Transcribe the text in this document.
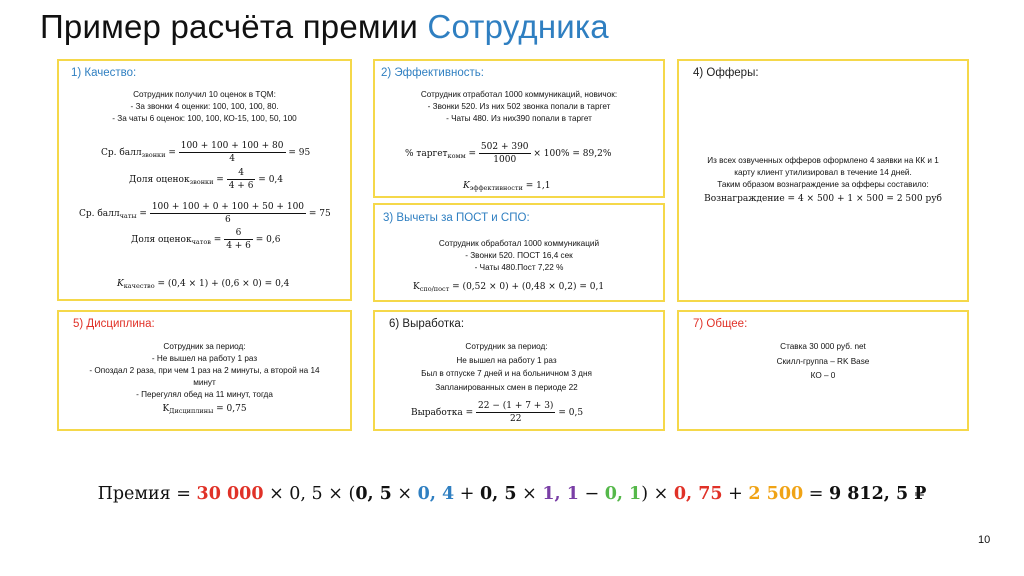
Пример расчёта премии Сотрудника
1) Качество:
Сотрудник получил 10 оценок в TQM:
- За звонки 4 оценки: 100, 100, 100, 80.
- За чаты 6 оценок: 100, 100, КО-15, 100, 50, 100
Ср. балл$_{звонки}$ = $\frac{100 + 100 + 100 + 80}{4} = 95$
Доля оценок$_{звонки}$ = $\frac{4}{4 + 6} = 0,4$
Ср. балл$_{чаты}$ = $\frac{100 + 100 + 0 + 100 + 50 + 100}{6} = 75$
Доля оценок$_{чатов}$ = $\frac{6}{4 + 6} = 0,6$
$K_{качество} = (0,4 \times 1) + (0,6 \times 0) = 0,4$
2) Эффективность:
Сотрудник отработал 1000 коммуникаций, новичок:
- Звонки 520. Из них 502 звонка попали в таргет
- Чаты 480. Из них390 попали в таргет
% таргет$_{комм}$ = $\frac{502 + 390}{1000} \times 100\% = 89,2\%$
$K_{эффективности} = 1,1$
3) Вычеты за ПОСТ и СПО:
Сотрудник обработал 1000 коммуникаций
- Звонки 520. ПОСТ 16,4 сек
- Чаты 480.Пост 7,22 %
$K_{спо/пост} = (0,52 \times 0) + (0,48 \times 0,2) = 0,1$
4) Офферы:
Из всех озвученных офферов оформлено 4 заявки на КК и 1
карту клиент утилизировал в течение 14 дней.
Таким образом вознаграждение за офферы составило:
Вознаграждение = 4 × 500 + 1 × 500 = 2 500 руб
5) Дисциплина:
Сотрудник за период:
- Не вышел на работу 1 раз
- Опоздал 2 раза, при чем 1 раз на 2 минуты, а второй на 14
минут
- Перегулял обед на 11 минут, тогда
$K_{Дисциплины} = 0,75$
6) Выработка:
Сотрудник за период:
Не вышел на работу 1 раз
Был в отпуске 7 дней и на больничном 3 дня
Запланированных смен в периоде 22
Выработка = $\frac{22 - (1 + 7 + 3)}{22} = 0,5$
7) Общее:
Ставка 30 000 руб. net
Скилл-группа – RK Base
КО – 0
Премия = 30 000 × 0, 5 × (0, 5 × 0, 4 + 0, 5 × 1, 1 − 0, 1) × 0, 75 + 2 500 = 9 812, 5 ₽
10
